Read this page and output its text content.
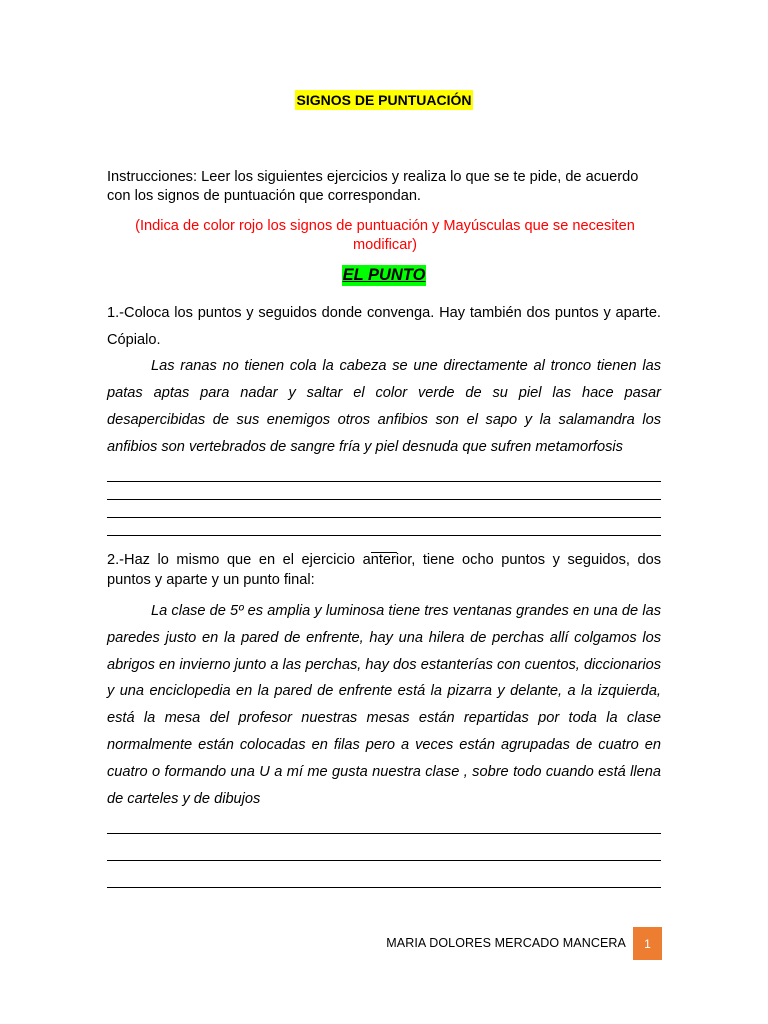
SIGNOS DE PUNTUACIÓN
Instrucciones: Leer los siguientes ejercicios y realiza lo que se te pide, de acuerdo con los signos de puntuación que correspondan.
(Indica de color rojo los signos de puntuación y Mayúsculas que se necesiten modificar)
EL PUNTO
1.-Coloca los puntos y seguidos donde convenga. Hay también dos puntos y aparte. Cópialo.
Las ranas no tienen cola la cabeza se une directamente al tronco tienen las patas aptas para nadar y saltar el color verde de su piel las hace pasar desapercibidas de sus enemigos otros anfibios son el sapo y la salamandra los anfibios son vertebrados de sangre fría y piel desnuda que sufren metamorfosis
2.-Haz lo mismo que en el ejercicio anterior, tiene ocho puntos y seguidos, dos puntos y aparte y un punto final:
La clase de 5º es amplia y luminosa tiene tres ventanas grandes en una de las paredes justo en la pared de enfrente, hay una hilera de perchas allí colgamos los abrigos en invierno junto a las perchas, hay dos estanterías con cuentos, diccionarios y una enciclopedia en la pared de enfrente está la pizarra y delante, a la izquierda, está la mesa del profesor nuestras mesas están repartidas por toda la clase normalmente están colocadas en filas pero a veces están agrupadas de cuatro en cuatro o formando una U a mí me gusta nuestra clase , sobre todo cuando está llena de carteles y de dibujos
MARIA DOLORES MERCADO MANCERA	1
